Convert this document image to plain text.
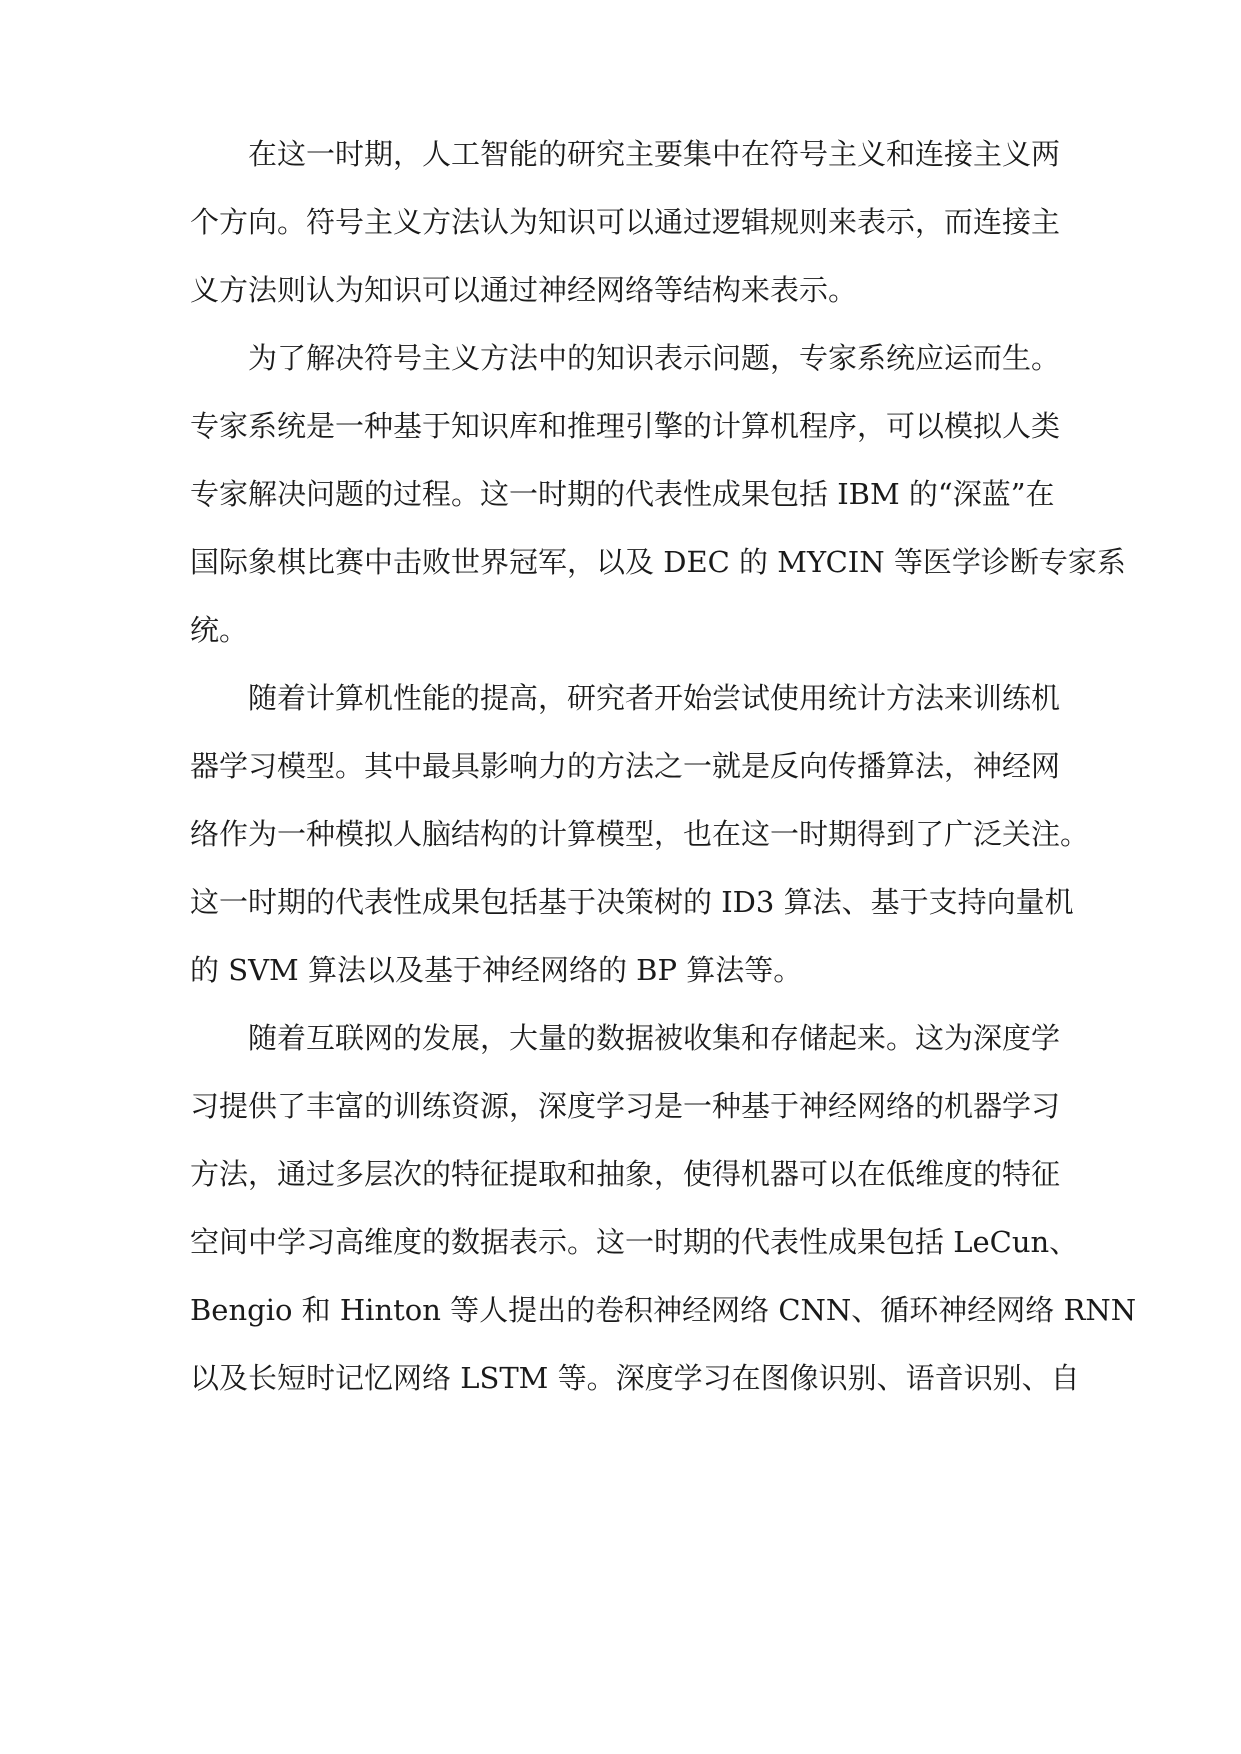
在这一时期，人工智能的研究主要集中在符号主义和连接主义两

个方向。符号主义方法认为知识可以通过逻辑规则来表示，而连接主

义方法则认为知识可以通过神经网络等结构来表示。

为了解决符号主义方法中的知识表示问题，专家系统应运而生。

专家系统是一种基于知识库和推理引擎的计算机程序，可以模拟人类

专家解决问题的过程。这一时期的代表性成果包括 IBM 的“深蓝”在

国际象棋比赛中击败世界冠军，以及 DEC 的 MYCIN 等医学诊断专家系

统。

随着计算机性能的提高，研究者开始尝试使用统计方法来训练机

器学习模型。其中最具影响力的方法之一就是反向传播算法，神经网

络作为一种模拟人脑结构的计算模型，也在这一时期得到了广泛关注。

这一时期的代表性成果包括基于决策树的 ID3 算法、基于支持向量机

的 SVM 算法以及基于神经网络的 BP 算法等。

随着互联网的发展，大量的数据被收集和存储起来。这为深度学

习提供了丰富的训练资源，深度学习是一种基于神经网络的机器学习

方法，通过多层次的特征提取和抽象，使得机器可以在低维度的特征

空间中学习高维度的数据表示。这一时期的代表性成果包括 LeCun、

Bengio 和 Hinton 等人提出的卷积神经网络 CNN、循环神经网络 RNN

以及长短时记忆网络 LSTM 等。深度学习在图像识别、语音识别、自
